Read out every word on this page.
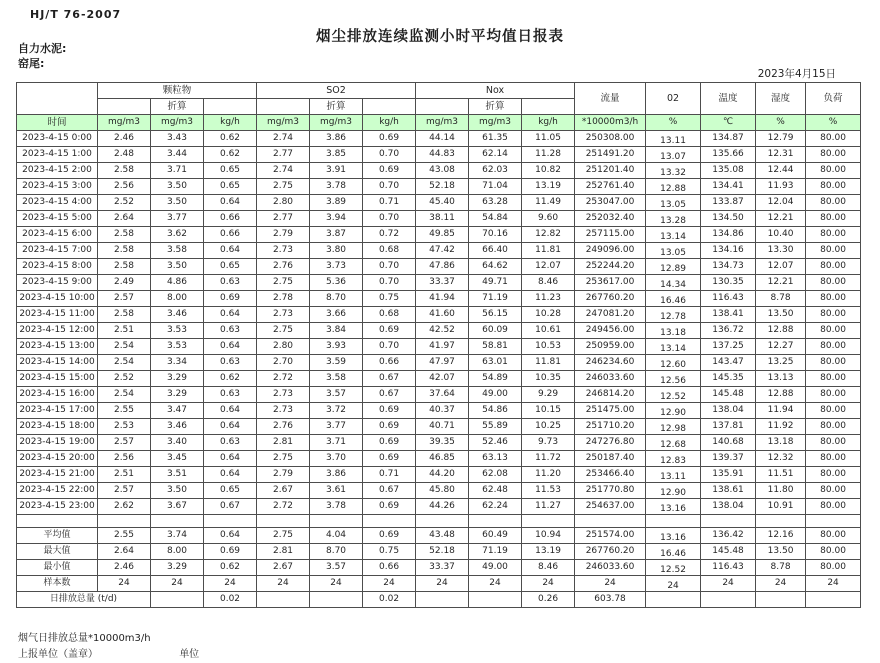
HJ/T 76-2007
烟尘排放连续监测小时平均值日报表
自力水泥:
窑尾:
2023年4月15日
	颗粒物			SO2			Nox			流量	02	温度	湿度	负荷
		折算			折算			折算						
时间	mg/m3	mg/m3	kg/h	mg/m3	mg/m3	kg/h	mg/m3	mg/m3	kg/h	*10000m3/h	%	℃	%	%
2023-4-15 0:00	2.46	3.43	0.62	2.74	3.86	0.69	44.14	61.35	11.05	250308.00	13.11	134.87	12.79	80.00
2023-4-15 1:00	2.48	3.44	0.62	2.77	3.85	0.70	44.83	62.14	11.28	251491.20	13.07	135.66	12.31	80.00
2023-4-15 2:00	2.58	3.71	0.65	2.74	3.91	0.69	43.08	62.03	10.82	251201.40	13.32	135.08	12.44	80.00
2023-4-15 3:00	2.56	3.50	0.65	2.75	3.78	0.70	52.18	71.04	13.19	252761.40	12.88	134.41	11.93	80.00
2023-4-15 4:00	2.52	3.50	0.64	2.80	3.89	0.71	45.40	63.28	11.49	253047.00	13.05	133.87	12.04	80.00
2023-4-15 5:00	2.64	3.77	0.66	2.77	3.94	0.70	38.11	54.84	9.60	252032.40	13.28	134.50	12.21	80.00
2023-4-15 6:00	2.58	3.62	0.66	2.79	3.87	0.72	49.85	70.16	12.82	257115.00	13.14	134.86	10.40	80.00
2023-4-15 7:00	2.58	3.58	0.64	2.73	3.80	0.68	47.42	66.40	11.81	249096.00	13.05	134.16	13.30	80.00
2023-4-15 8:00	2.58	3.50	0.65	2.76	3.73	0.70	47.86	64.62	12.07	252244.20	12.89	134.73	12.07	80.00
2023-4-15 9:00	2.49	4.86	0.63	2.75	5.36	0.70	33.37	49.71	8.46	253617.00	14.34	130.35	12.21	80.00
2023-4-15 10:00	2.57	8.00	0.69	2.78	8.70	0.75	41.94	71.19	11.23	267760.20	16.46	116.43	8.78	80.00
2023-4-15 11:00	2.58	3.46	0.64	2.73	3.66	0.68	41.60	56.15	10.28	247081.20	12.78	138.41	13.50	80.00
2023-4-15 12:00	2.51	3.53	0.63	2.75	3.84	0.69	42.52	60.09	10.61	249456.00	13.18	136.72	12.88	80.00
2023-4-15 13:00	2.54	3.53	0.64	2.80	3.93	0.70	41.97	58.81	10.53	250959.00	13.14	137.25	12.27	80.00
2023-4-15 14:00	2.54	3.34	0.63	2.70	3.59	0.66	47.97	63.01	11.81	246234.60	12.60	143.47	13.25	80.00
2023-4-15 15:00	2.52	3.29	0.62	2.72	3.58	0.67	42.07	54.89	10.35	246033.60	12.56	145.35	13.13	80.00
2023-4-15 16:00	2.54	3.29	0.63	2.73	3.57	0.67	37.64	49.00	9.29	246814.20	12.52	145.48	12.88	80.00
2023-4-15 17:00	2.55	3.47	0.64	2.73	3.72	0.69	40.37	54.86	10.15	251475.00	12.90	138.04	11.94	80.00
2023-4-15 18:00	2.53	3.46	0.64	2.76	3.77	0.69	40.71	55.89	10.25	251710.20	12.98	137.81	11.92	80.00
2023-4-15 19:00	2.57	3.40	0.63	2.81	3.71	0.69	39.35	52.46	9.73	247276.80	12.68	140.68	13.18	80.00
2023-4-15 20:00	2.56	3.45	0.64	2.75	3.70	0.69	46.85	63.13	11.72	250187.40	12.83	139.37	12.32	80.00
2023-4-15 21:00	2.51	3.51	0.64	2.79	3.86	0.71	44.20	62.08	11.20	253466.40	13.11	135.91	11.51	80.00
2023-4-15 22:00	2.57	3.50	0.65	2.67	3.61	0.67	45.80	62.48	11.53	251770.80	12.90	138.61	11.80	80.00
2023-4-15 23:00	2.62	3.67	0.67	2.72	3.78	0.69	44.26	62.24	11.27	254637.00	13.16	138.04	10.91	80.00

平均值	2.55	3.74	0.64	2.75	4.04	0.69	43.48	60.49	10.94	251574.00	13.16	136.42	12.16	80.00
最大值	2.64	8.00	0.69	2.81	8.70	0.75	52.18	71.19	13.19	267760.20	16.46	145.48	13.50	80.00
最小值	2.46	3.29	0.62	2.67	3.57	0.66	33.37	49.00	8.46	246033.60	12.52	116.43	8.78	80.00
样本数	24	24	24	24	24	24	24	24	24	24	24	24	24	24
日排放总量 (t/d)			0.02			0.02			0.26	603.78				
烟气日排放总量*10000m3/h
上报单位（盖章）	单位
